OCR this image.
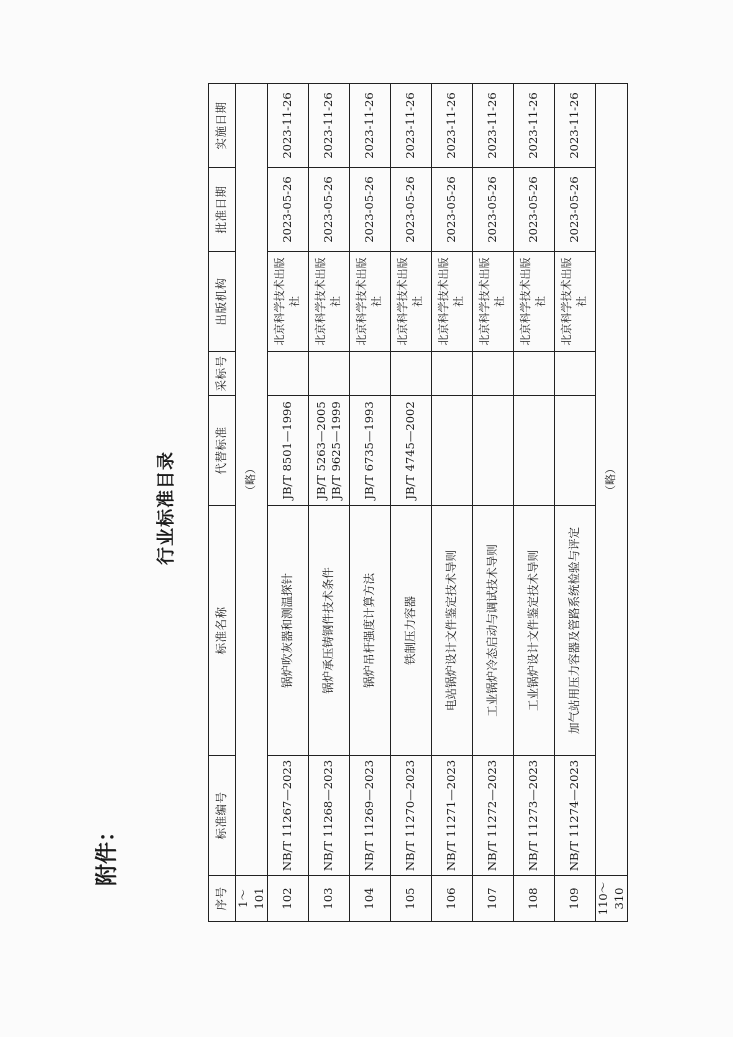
附件：
行业标准目录
序号	标准编号	标准名称	代替标准	采标号	出版机构	批准日期	实施日期
1～101	（略）						
102	NB/T 11267—2023	锅炉吹灰器和测温探针	JB/T 8501—1996		北京科学技术出版社	2023-05-26	2023-11-26
103	NB/T 11268—2023	锅炉承压铸钢件技术条件	JB/T 5263—2005 JB/T 9625—1999		北京科学技术出版社	2023-05-26	2023-11-26
104	NB/T 11269—2023	锅炉吊杆强度计算方法	JB/T 6735—1993		北京科学技术出版社	2023-05-26	2023-11-26
105	NB/T 11270—2023	铁制压力容器	JB/T 4745—2002		北京科学技术出版社	2023-05-26	2023-11-26
106	NB/T 11271—2023	电站锅炉设计文件鉴定技术导则			北京科学技术出版社	2023-05-26	2023-11-26
107	NB/T 11272—2023	工业锅炉冷态启动与调试技术导则			北京科学技术出版社	2023-05-26	2023-11-26
108	NB/T 11273—2023	工业锅炉设计文件鉴定技术导则			北京科学技术出版社	2023-05-26	2023-11-26
109	NB/T 11274—2023	加气站用压力容器及管路系统检验与评定			北京科学技术出版社	2023-05-26	2023-11-26
110～310	（略）						
